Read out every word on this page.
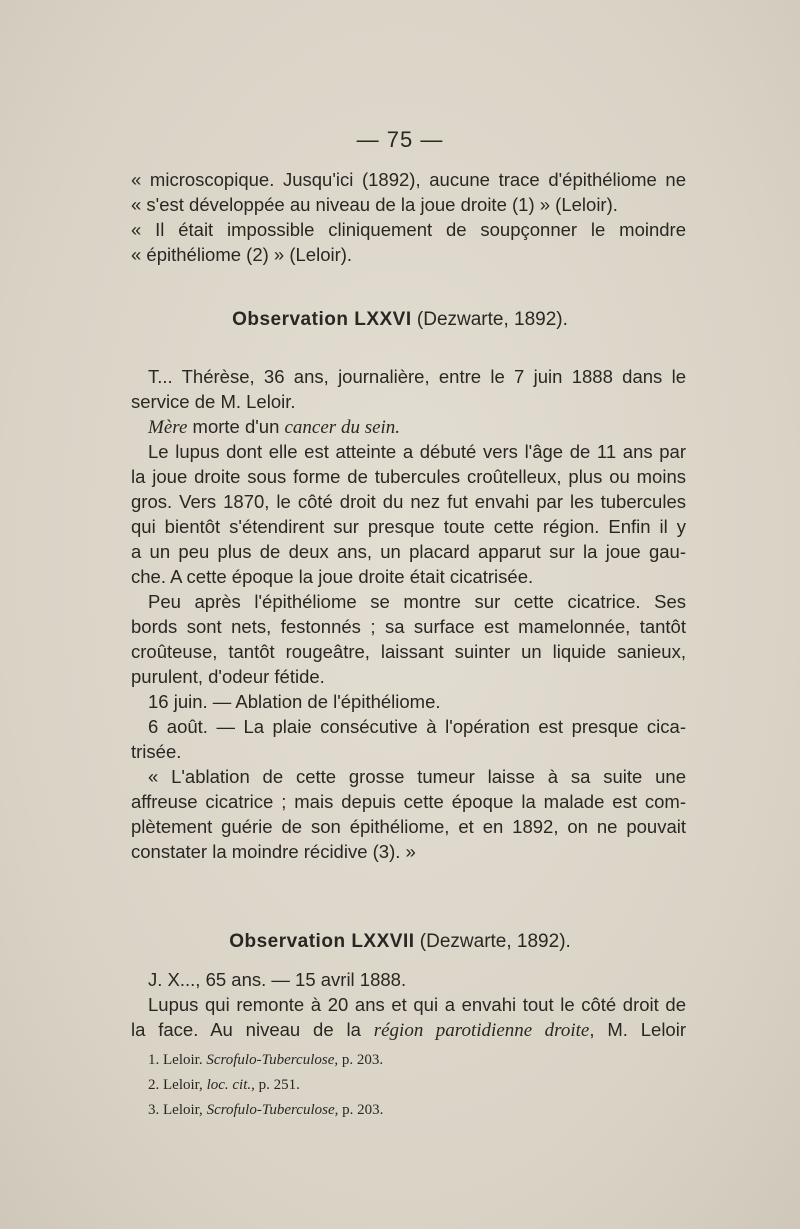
— 75 —
« microscopique. Jusqu'ici (1892), aucune trace d'épithéliome ne
« s'est développée au niveau de la joue droite (1) » (Leloir).
« Il était impossible cliniquement de soupçonner le moindre
« épithéliome (2) » (Leloir).
Observation LXXVI (Dezwarte, 1892).
T... Thérèse, 36 ans, journalière, entre le 7 juin 1888 dans le
service de M. Leloir.
Mère morte d'un cancer du sein.
Le lupus dont elle est atteinte a débuté vers l'âge de 11 ans par
la joue droite sous forme de tubercules croûtelleux, plus ou moins
gros. Vers 1870, le côté droit du nez fut envahi par les tubercules
qui bientôt s'étendirent sur presque toute cette région. Enfin il y
a un peu plus de deux ans, un placard apparut sur la joue gau-
che. A cette époque la joue droite était cicatrisée.
Peu après l'épithéliome se montre sur cette cicatrice. Ses
bords sont nets, festonnés ; sa surface est mamelonnée, tantôt
croûteuse, tantôt rougeâtre, laissant suinter un liquide sanieux,
purulent, d'odeur fétide.
16 juin. — Ablation de l'épithéliome.
6 août. — La plaie consécutive à l'opération est presque cica-
trisée.
« L'ablation de cette grosse tumeur laisse à sa suite une
affreuse cicatrice ; mais depuis cette époque la malade est com-
plètement guérie de son épithéliome, et en 1892, on ne pouvait
constater la moindre récidive (3). »
Observation LXXVII (Dezwarte, 1892).
J. X..., 65 ans. — 15 avril 1888.
Lupus qui remonte à 20 ans et qui a envahi tout le côté droit de
la face. Au niveau de la région parotidienne droite, M. Leloir
1. Leloir. Scrofulo-Tuberculose, p. 203.
2. Leloir, loc. cit., p. 251.
3. Leloir, Scrofulo-Tuberculose, p. 203.
